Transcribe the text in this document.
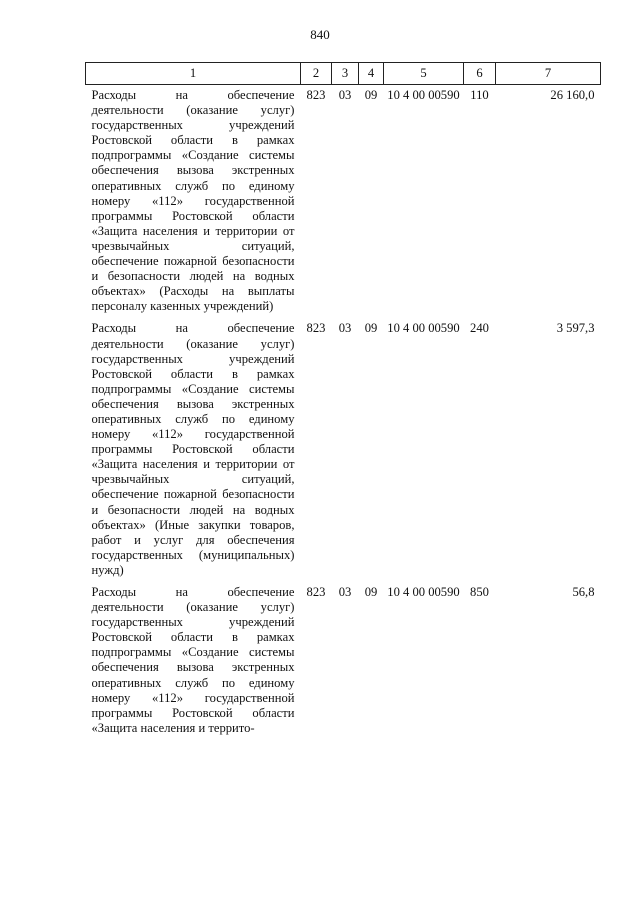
840
1	2	3	4	5	6	7
Расходы на обеспечение деятельности (оказание услуг) государственных учреждений Ростовской области в рамках подпрограммы «Создание системы обеспечения вызова экстренных оперативных служб по единому номеру «112» государственной программы Ростовской области «Защита населения и территории от чрезвычайных ситуаций, обеспечение пожарной безопасности и безопасности людей на водных объектах» (Расходы на выплаты персоналу казенных учреждений)	823	03	09	10 4 00 00590	110	26 160,0
Расходы на обеспечение деятельности (оказание услуг) государственных учреждений Ростовской области в рамках подпрограммы «Создание системы обеспечения вызова экстренных оперативных служб по единому номеру «112» государственной программы Ростовской области «Защита населения и территории от чрезвычайных ситуаций, обеспечение пожарной безопасности и безопасности людей на водных объектах» (Иные закупки товаров, работ и услуг для обеспечения государственных (муниципальных) нужд)	823	03	09	10 4 00 00590	240	3 597,3
Расходы на обеспечение деятельности (оказание услуг) государственных учреждений Ростовской области в рамках подпрограммы «Создание системы обеспечения вызова экстренных оперативных служб по единому номеру «112» государственной программы Ростовской области «Защита населения и террито-	823	03	09	10 4 00 00590	850	56,8
